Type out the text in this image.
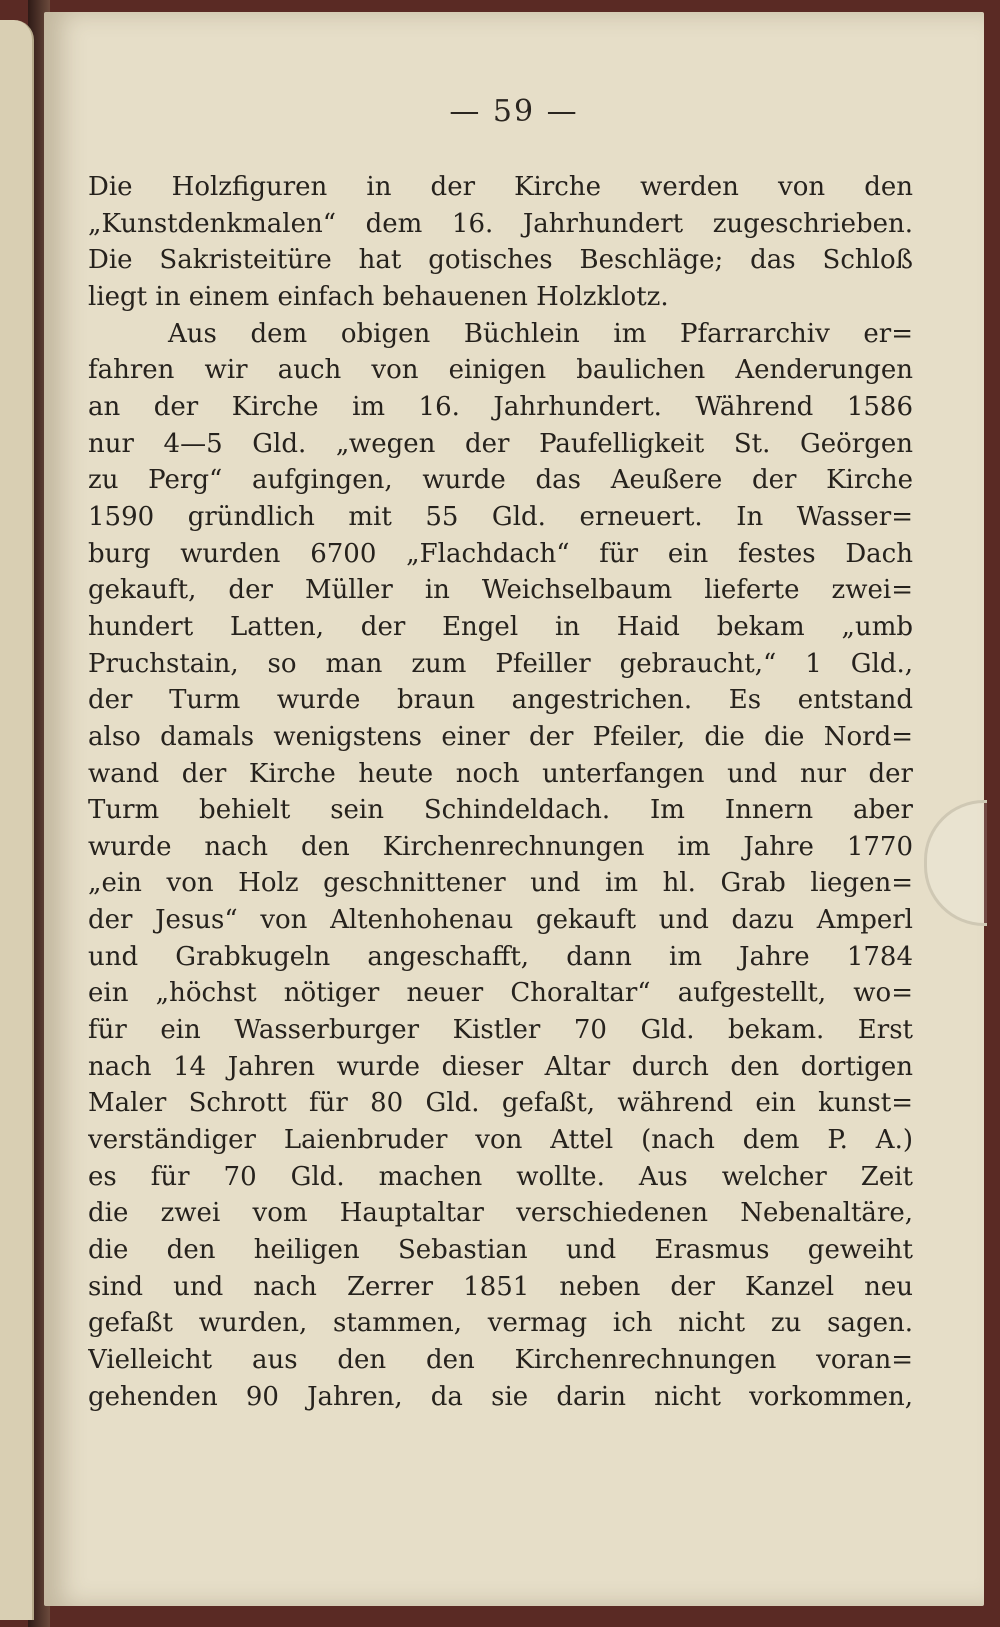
— 59 —
Die Holzfiguren in der Kirche werden von den
„Kunstdenkmalen“ dem 16. Jahrhundert zugeschrieben.
Die Sakristeitüre hat gotisches Beschläge; das Schloß
liegt in einem einfach behauenen Holzklotz.
Aus dem obigen Büchlein im Pfarrarchiv er=
fahren wir auch von einigen baulichen Aenderungen
an der Kirche im 16. Jahrhundert. Während 1586
nur 4—5 Gld. „wegen der Paufelligkeit St. Geörgen
zu Perg“ aufgingen, wurde das Aeußere der Kirche
1590 gründlich mit 55 Gld. erneuert. In Wasser=
burg wurden 6700 „Flachdach“ für ein festes Dach
gekauft, der Müller in Weichselbaum lieferte zwei=
hundert Latten, der Engel in Haid bekam „umb
Pruchstain, so man zum Pfeiller gebraucht,“ 1 Gld.,
der Turm wurde braun angestrichen. Es entstand
also damals wenigstens einer der Pfeiler, die die Nord=
wand der Kirche heute noch unterfangen und nur der
Turm behielt sein Schindeldach. Im Innern aber
wurde nach den Kirchenrechnungen im Jahre 1770
„ein von Holz geschnittener und im hl. Grab liegen=
der Jesus“ von Altenhohenau gekauft und dazu Amperl
und Grabkugeln angeschafft, dann im Jahre 1784
ein „höchst nötiger neuer Choraltar“ aufgestellt, wo=
für ein Wasserburger Kistler 70 Gld. bekam. Erst
nach 14 Jahren wurde dieser Altar durch den dortigen
Maler Schrott für 80 Gld. gefaßt, während ein kunst=
verständiger Laienbruder von Attel (nach dem P. A.)
es für 70 Gld. machen wollte. Aus welcher Zeit
die zwei vom Hauptaltar verschiedenen Nebenaltäre,
die den heiligen Sebastian und Erasmus geweiht
sind und nach Zerrer 1851 neben der Kanzel neu
gefaßt wurden, stammen, vermag ich nicht zu sagen.
Vielleicht aus den den Kirchenrechnungen voran=
gehenden 90 Jahren, da sie darin nicht vorkommen,
